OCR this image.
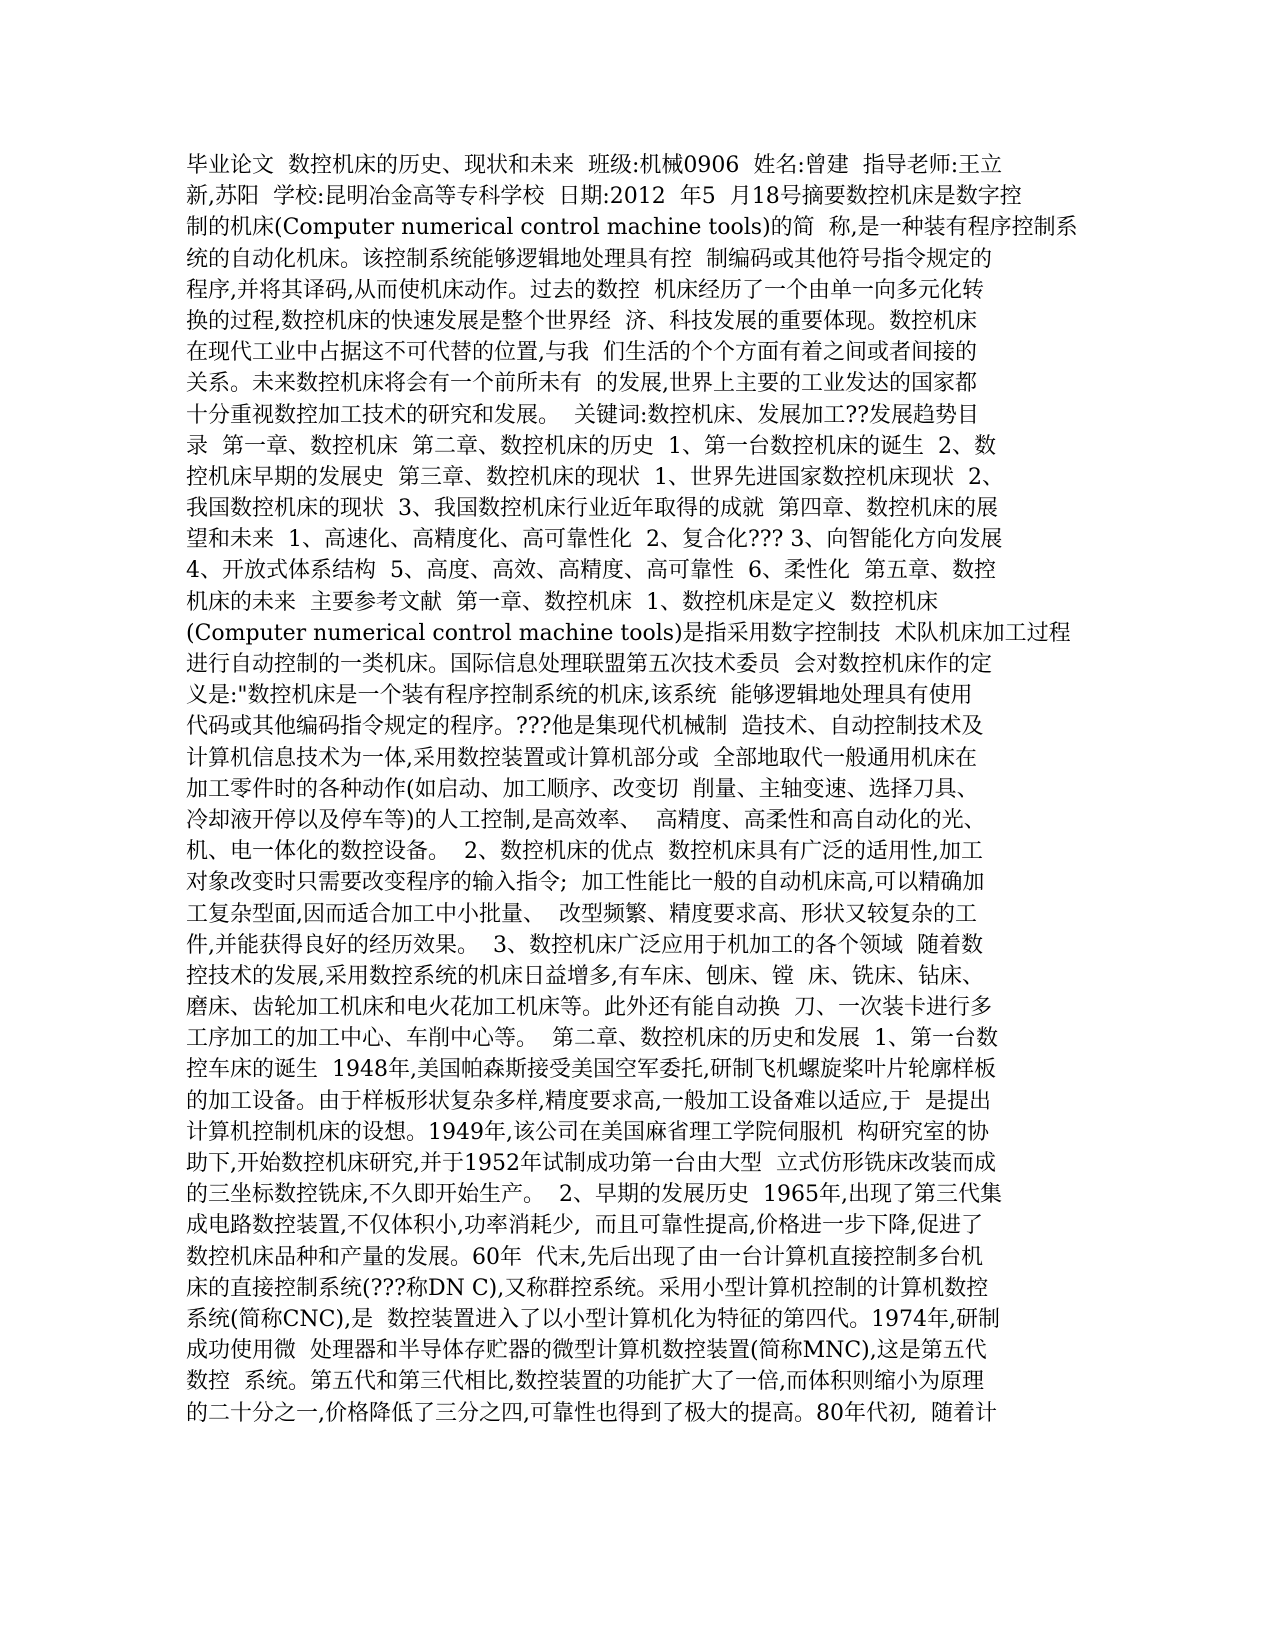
毕业论文  数控机床的历史、现状和未来  班级:机械0906  姓名:曾建  指导老师:王立
新,苏阳  学校:昆明冶金高等专科学校  日期:2012  年5  月18号摘要数控机床是数字控
制的机床(Computer numerical control machine tools)的简  称,是一种装有程序控制系
统的自动化机床。该控制系统能够逻辑地处理具有控  制编码或其他符号指令规定的
程序,并将其译码,从而使机床动作。过去的数控  机床经历了一个由单一向多元化转
换的过程,数控机床的快速发展是整个世界经  济、科技发展的重要体现。数控机床
在现代工业中占据这不可代替的位置,与我  们生活的个个方面有着之间或者间接的
关系。未来数控机床将会有一个前所未有  的发展,世界上主要的工业发达的国家都
十分重视数控加工技术的研究和发展。  关键词:数控机床、发展加工??发展趋势目
录  第一章、数控机床  第二章、数控机床的历史  1、第一台数控机床的诞生  2、数
控机床早期的发展史  第三章、数控机床的现状  1、世界先进国家数控机床现状  2、
我国数控机床的现状  3、我国数控机床行业近年取得的成就  第四章、数控机床的展
望和未来  1、高速化、高精度化、高可靠性化  2、复合化??? 3、向智能化方向发展
4、开放式体系结构  5、高度、高效、高精度、高可靠性  6、柔性化  第五章、数控
机床的未来  主要参考文献  第一章、数控机床  1、数控机床是定义  数控机床
(Computer numerical control machine tools)是指采用数字控制技  术队机床加工过程
进行自动控制的一类机床。国际信息处理联盟第五次技术委员  会对数控机床作的定
义是:"数控机床是一个装有程序控制系统的机床,该系统  能够逻辑地处理具有使用
代码或其他编码指令规定的程序。???他是集现代机械制  造技术、自动控制技术及
计算机信息技术为一体,采用数控装置或计算机部分或  全部地取代一般通用机床在
加工零件时的各种动作(如启动、加工顺序、改变切  削量、主轴变速、选择刀具、
冷却液开停以及停车等)的人工控制,是高效率、  高精度、高柔性和高自动化的光、
机、电一体化的数控设备。  2、数控机床的优点  数控机床具有广泛的适用性,加工
对象改变时只需要改变程序的输入指令;  加工性能比一般的自动机床高,可以精确加
工复杂型面,因而适合加工中小批量、  改型频繁、精度要求高、形状又较复杂的工
件,并能获得良好的经历效果。  3、数控机床广泛应用于机加工的各个领域  随着数
控技术的发展,采用数控系统的机床日益增多,有车床、刨床、镗  床、铣床、钻床、
磨床、齿轮加工机床和电火花加工机床等。此外还有能自动换  刀、一次装卡进行多
工序加工的加工中心、车削中心等。  第二章、数控机床的历史和发展  1、第一台数
控车床的诞生  1948年,美国帕森斯接受美国空军委托,研制飞机螺旋桨叶片轮廓样板
的加工设备。由于样板形状复杂多样,精度要求高,一般加工设备难以适应,于  是提出
计算机控制机床的设想。1949年,该公司在美国麻省理工学院伺服机  构研究室的协
助下,开始数控机床研究,并于1952年试制成功第一台由大型  立式仿形铣床改装而成
的三坐标数控铣床,不久即开始生产。  2、早期的发展历史  1965年,出现了第三代集
成电路数控装置,不仅体积小,功率消耗少,  而且可靠性提高,价格进一步下降,促进了
数控机床品种和产量的发展。60年  代末,先后出现了由一台计算机直接控制多台机
床的直接控制系统(???称DN C),又称群控系统。采用小型计算机控制的计算机数控
系统(简称CNC),是  数控装置进入了以小型计算机化为特征的第四代。1974年,研制
成功使用微  处理器和半导体存贮器的微型计算机数控装置(简称MNC),这是第五代
数控  系统。第五代和第三代相比,数控装置的功能扩大了一倍,而体积则缩小为原理
的二十分之一,价格降低了三分之四,可靠性也得到了极大的提高。80年代初,  随着计
